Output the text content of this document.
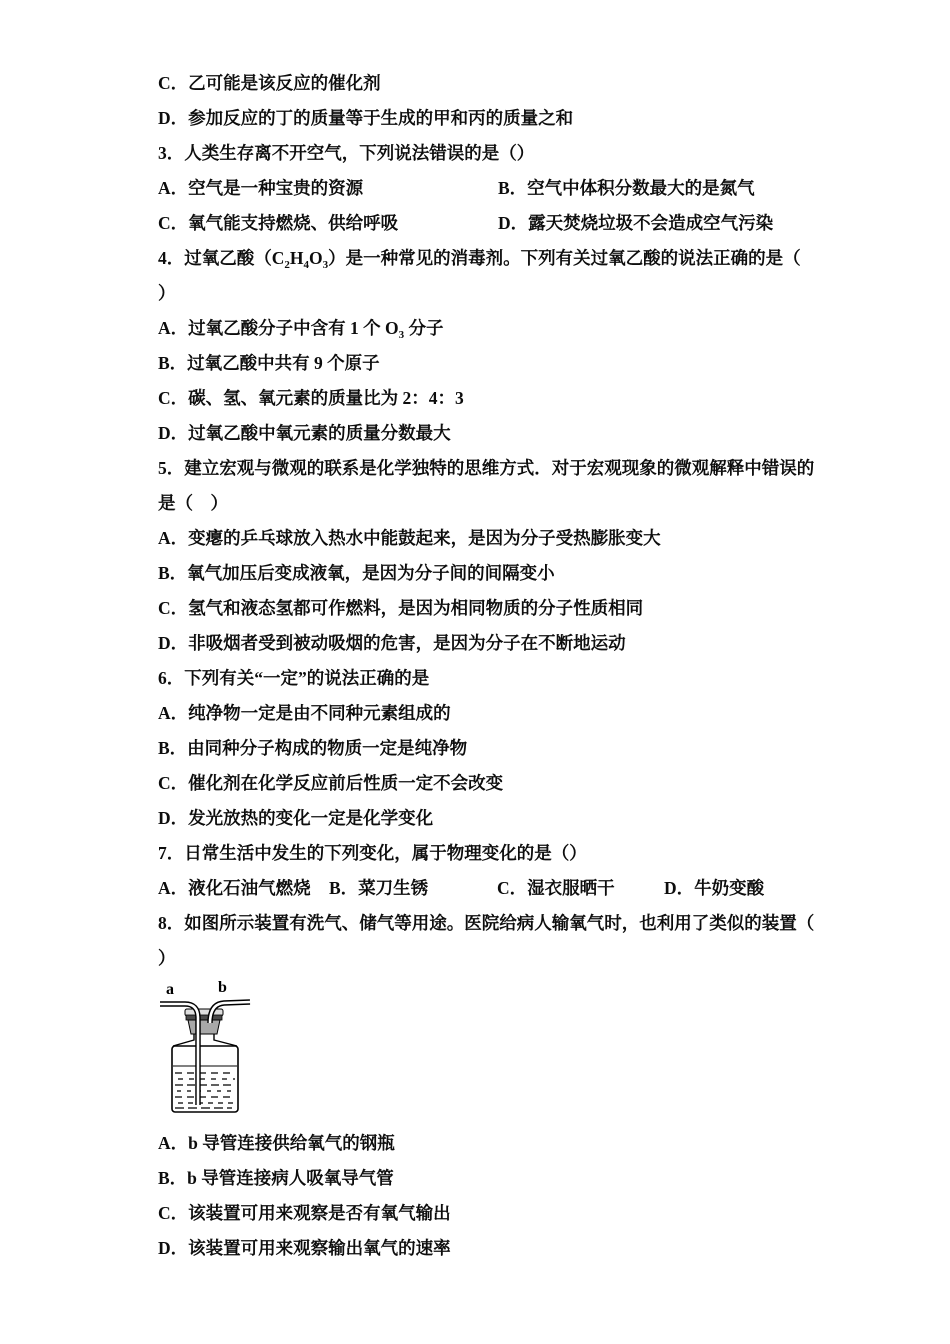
C．乙可能是该反应的催化剂
D．参加反应的丁的质量等于生成的甲和丙的质量之和
3．人类生存离不开空气，下列说法错误的是（）
A．空气是一种宝贵的资源	B．空气中体积分数最大的是氮气
C．氧气能支持燃烧、供给呼吸	D．露天焚烧垃圾不会造成空气污染
4．过氧乙酸$(C_2H_4O_3)$是一种常见的消毒剂。下列有关过氧乙酸的说法正确的是（
）
A．过氧乙酸分子中含有 1 个 $O_3$ 分子
B．过氧乙酸中共有 9 个原子
C．碳、氢、氧元素的质量比为 2：4：3
D．过氧乙酸中氧元素的质量分数最大
5．建立宏观与微观的联系是化学独特的思维方式．对于宏观现象的微观解释中错误的
是（　）
A．变瘪的乒乓球放入热水中能鼓起来，是因为分子受热膨胀变大
B．氧气加压后变成液氧，是因为分子间的间隔变小
C．氢气和液态氢都可作燃料，是因为相同物质的分子性质相同
D．非吸烟者受到被动吸烟的危害，是因为分子在不断地运动
6．下列有关“一定”的说法正确的是
A．纯净物一定是由不同种元素组成的
B．由同种分子构成的物质一定是纯净物
C．催化剂在化学反应前后性质一定不会改变
D．发光放热的变化一定是化学变化
7．日常生活中发生的下列变化，属于物理变化的是（）
A．液化石油气燃烧	B．菜刀生锈	C．湿衣服晒干	D．牛奶变酸
8．如图所示装置有洗气、储气等用途。医院给病人输氧气时，也利用了类似的装置（
）
a	b
A．b 导管连接供给氧气的钢瓶
B．b 导管连接病人吸氧导气管
C．该装置可用来观察是否有氧气输出
D．该装置可用来观察输出氧气的速率
